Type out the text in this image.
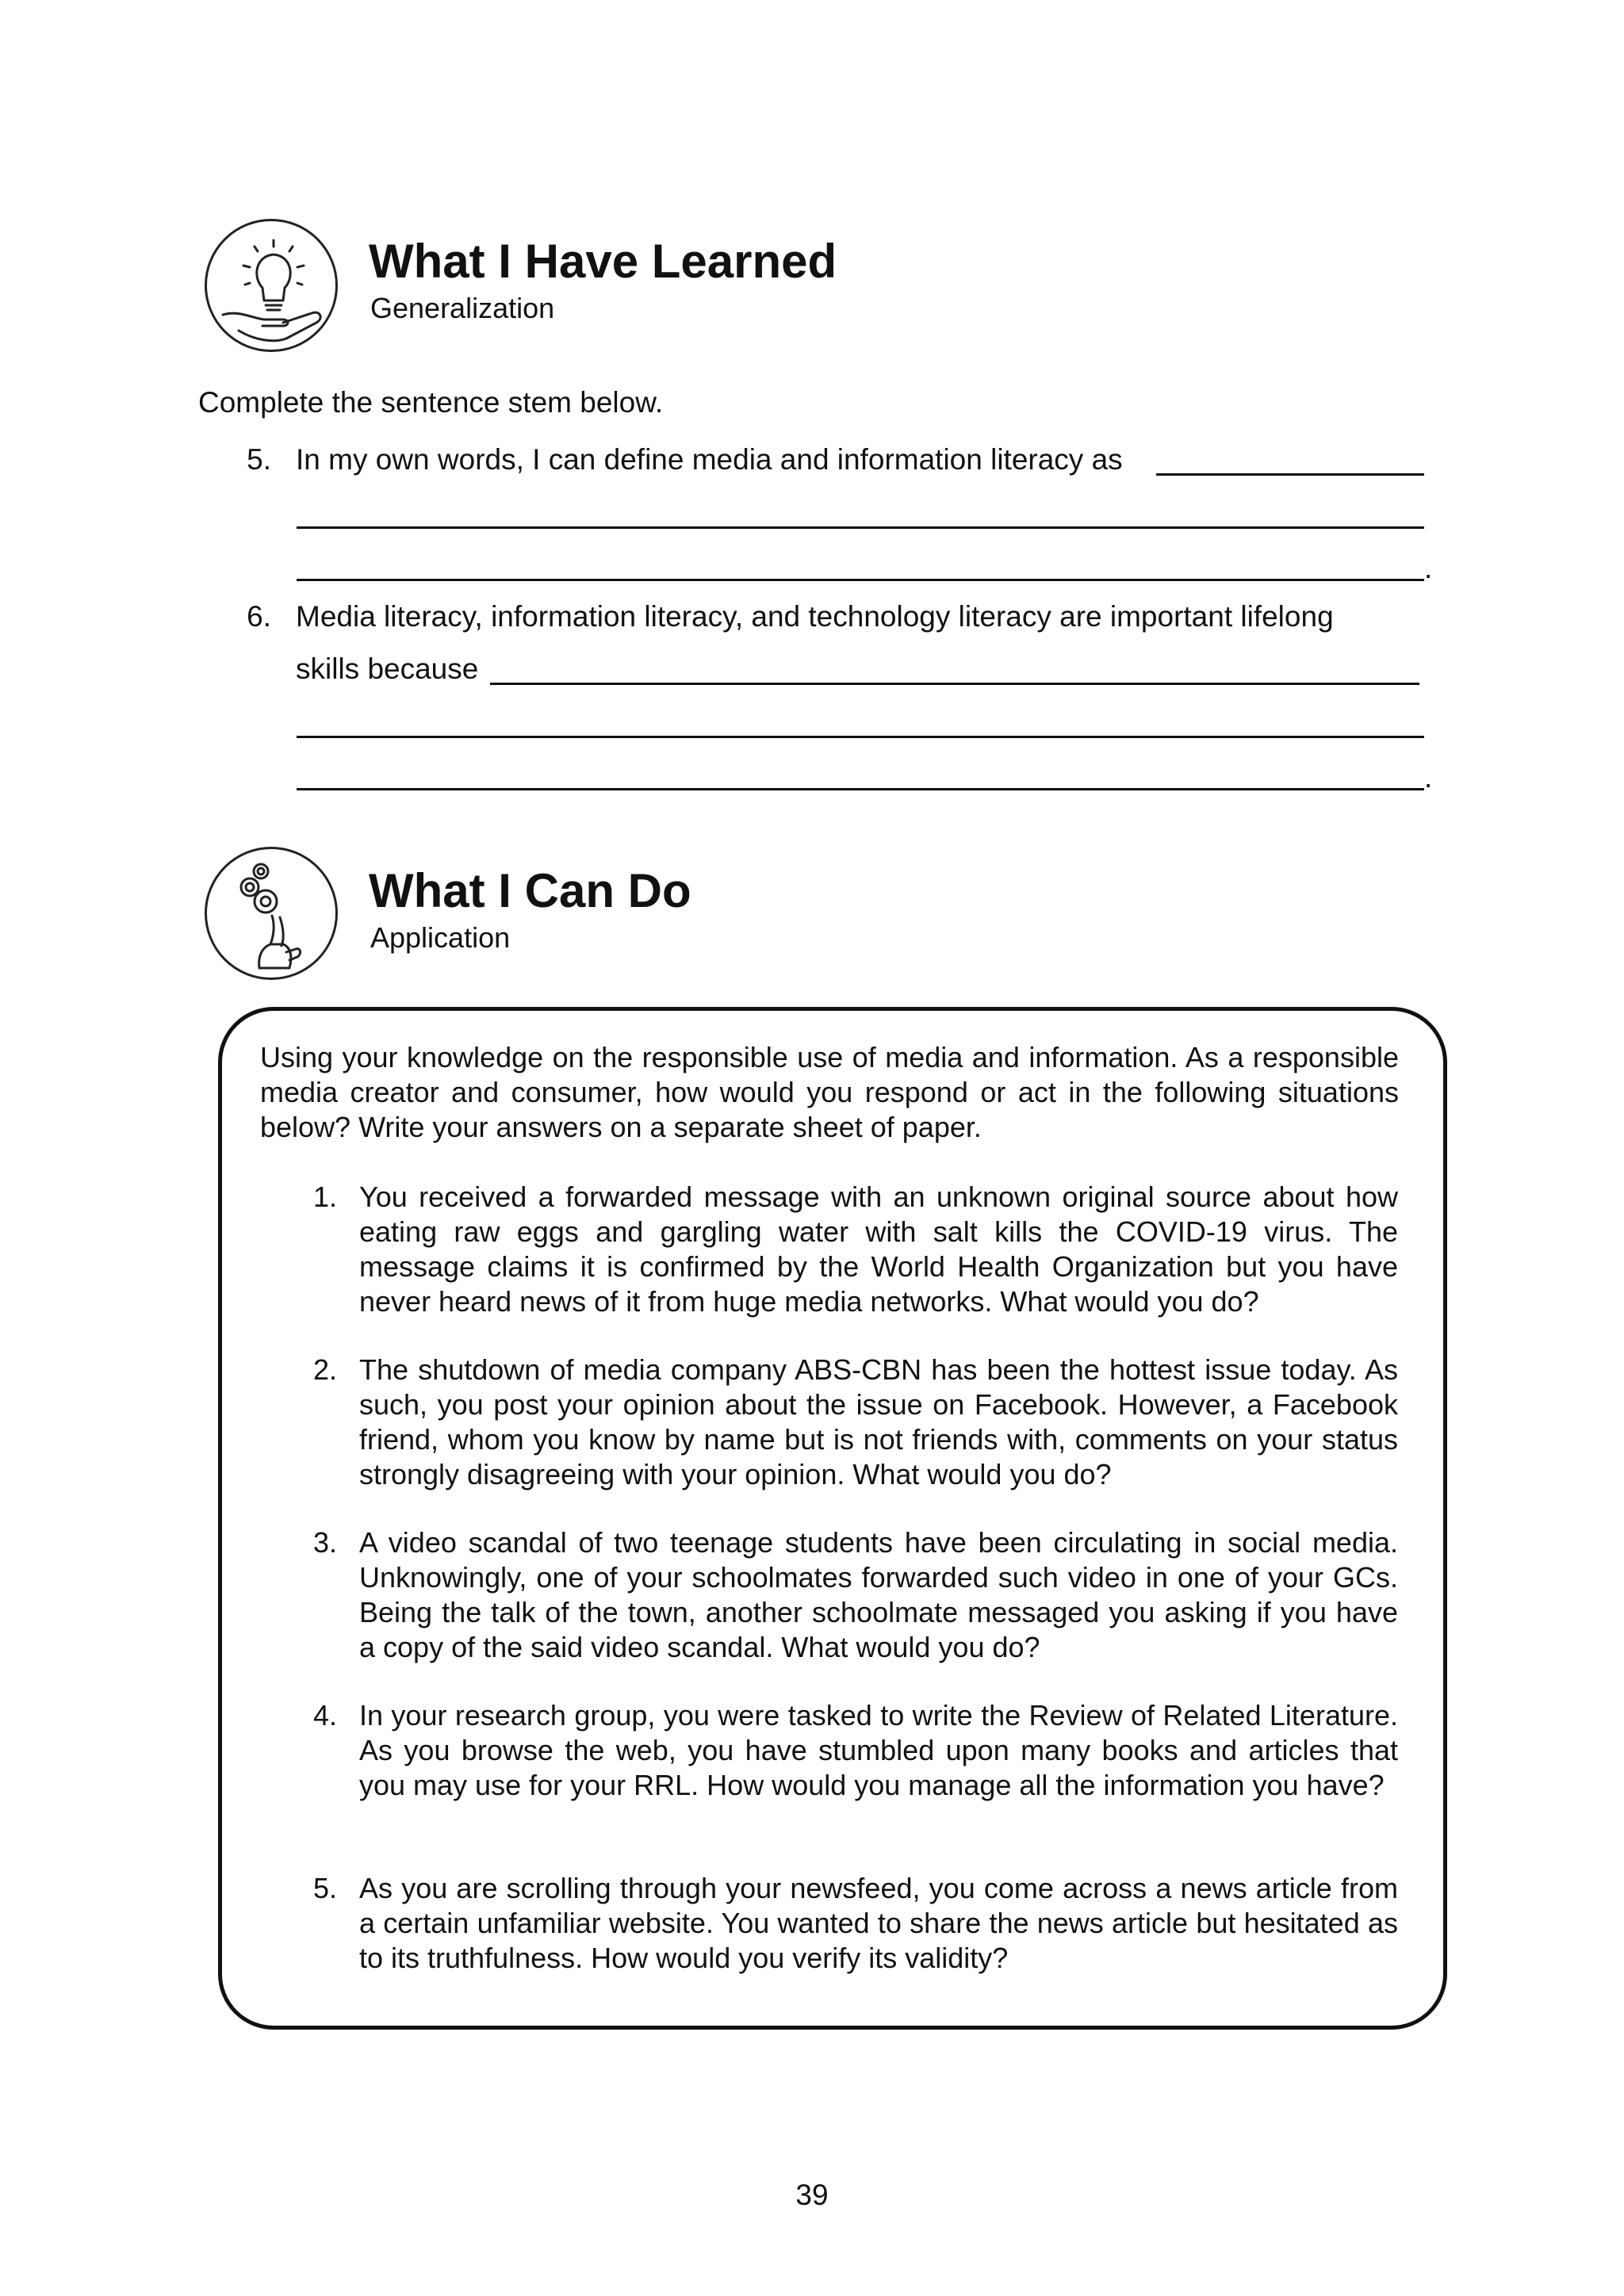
What I Have Learned
Generalization
Complete the sentence stem below.
5. In my own words, I can define media and information literacy as
.
6. Media literacy, information literacy, and technology literacy are important lifelong
skills because
.
What I Can Do
Application
Using your knowledge on the responsible use of media and information. As a responsible media creator and consumer, how would you respond or act in the following situations below? Write your answers on a separate sheet of paper.
1. You received a forwarded message with an unknown original source about how eating raw eggs and gargling water with salt kills the COVID-19 virus. The message claims it is confirmed by the World Health Organization but you have never heard news of it from huge media networks. What would you do?
2. The shutdown of media company ABS-CBN has been the hottest issue today. As such, you post your opinion about the issue on Facebook. However, a Facebook friend, whom you know by name but is not friends with, comments on your status strongly disagreeing with your opinion. What would you do?
3. A video scandal of two teenage students have been circulating in social media. Unknowingly, one of your schoolmates forwarded such video in one of your GCs. Being the talk of the town, another schoolmate messaged you asking if you have a copy of the said video scandal. What would you do?
4. In your research group, you were tasked to write the Review of Related Literature. As you browse the web, you have stumbled upon many books and articles that you may use for your RRL. How would you manage all the information you have?
5. As you are scrolling through your newsfeed, you come across a news article from a certain unfamiliar website. You wanted to share the news article but hesitated as to its truthfulness. How would you verify its validity?
39
